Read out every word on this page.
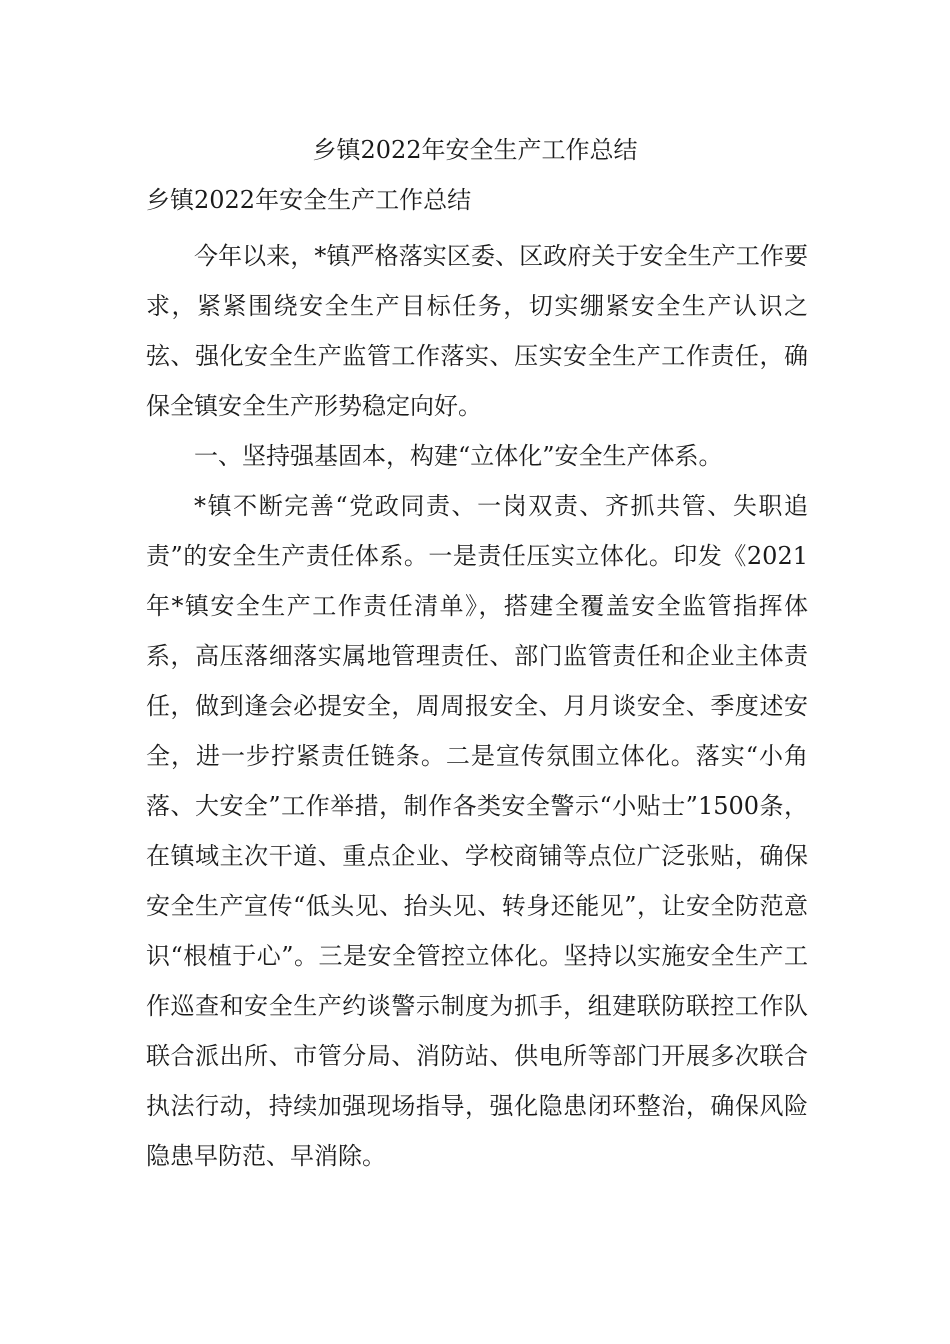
乡镇2022年安全生产工作总结
乡镇2022年安全生产工作总结

今年以来，*镇严格落实区委、区政府关于安全生产工作要求，紧紧围绕安全生产目标任务，切实绷紧安全生产认识之弦、强化安全生产监管工作落实、压实安全生产工作责任，确保全镇安全生产形势稳定向好。

一、坚持强基固本，构建“立体化”安全生产体系。

*镇不断完善“党政同责、一岗双责、齐抓共管、失职追责”的安全生产责任体系。一是责任压实立体化。印发《2021年*镇安全生产工作责任清单》，搭建全覆盖安全监管指挥体系，高压落细落实属地管理责任、部门监管责任和企业主体责任，做到逢会必提安全，周周报安全、月月谈安全、季度述安全，进一步拧紧责任链条。二是宣传氛围立体化。落实“小角落、大安全”工作举措，制作各类安全警示“小贴士”1500条，在镇域主次干道、重点企业、学校商铺等点位广泛张贴，确保安全生产宣传“低头见、抬头见、转身还能见”，让安全防范意识“根植于心”。三是安全管控立体化。坚持以实施安全生产工作巡查和安全生产约谈警示制度为抓手，组建联防联控工作队联合派出所、市管分局、消防站、供电所等部门开展多次联合执法行动，持续加强现场指导，强化隐患闭环整治，确保风险隐患早防范、早消除。
